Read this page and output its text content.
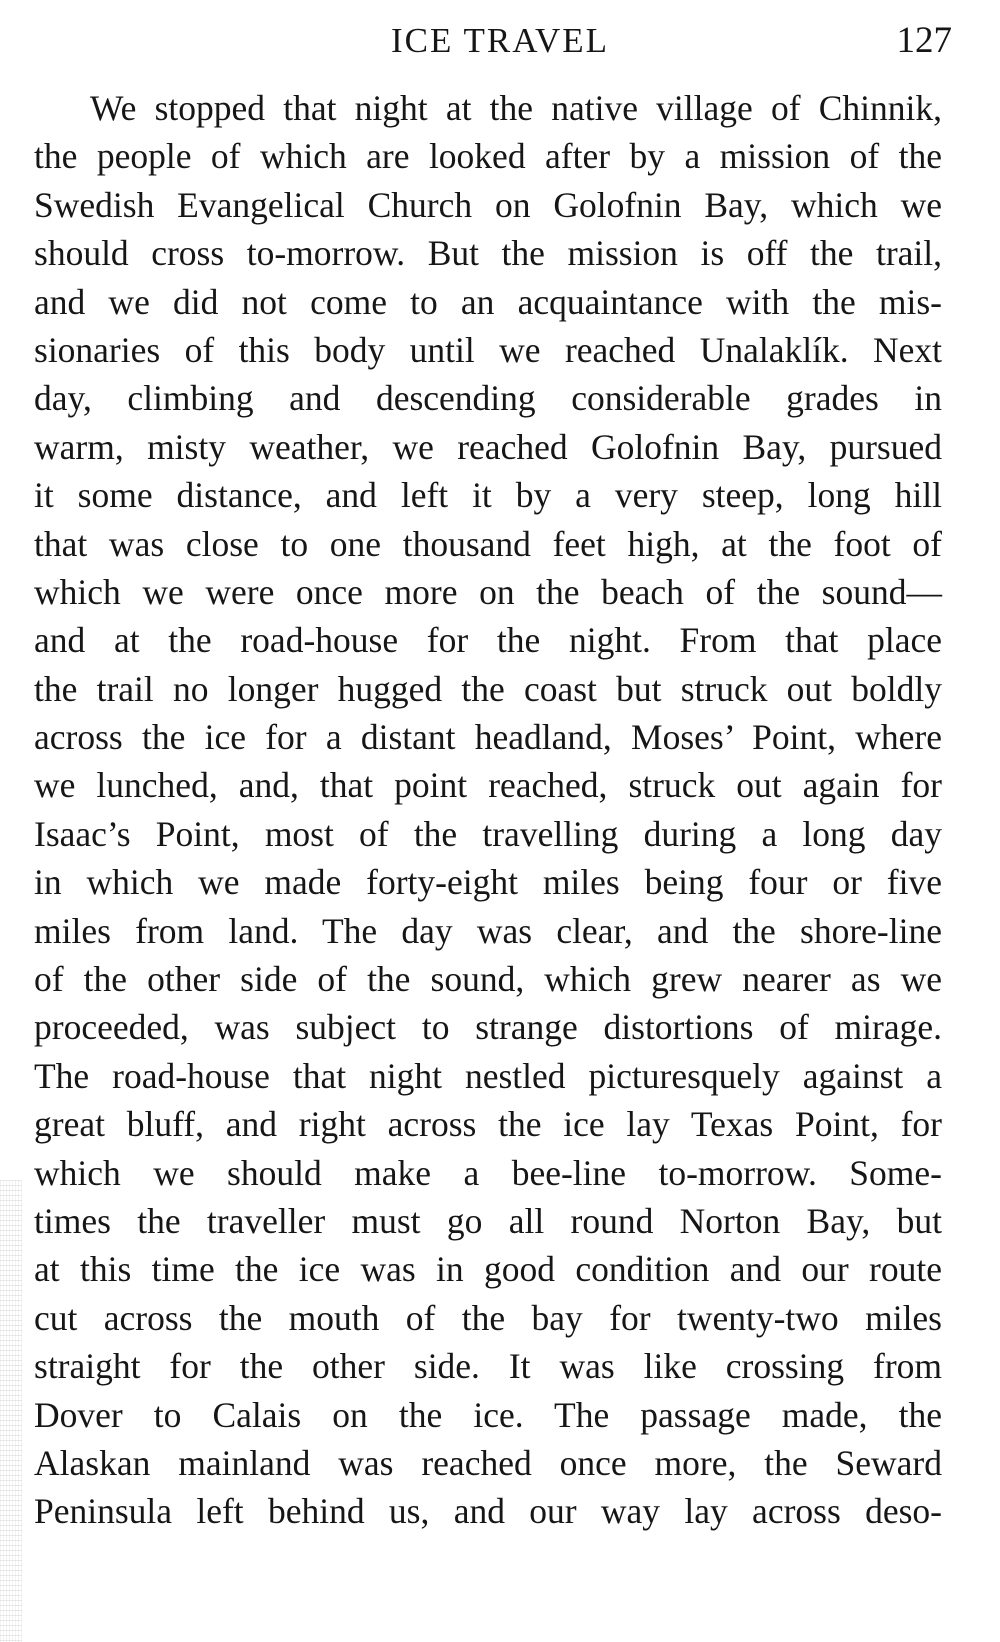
ICE TRAVEL	127
We stopped that night at the native village of Chinnik,
the people of which are looked after by a mission of the
Swedish Evangelical Church on Golofnin Bay, which we
should cross to-morrow. But the mission is off the trail,
and we did not come to an acquaintance with the mis-
sionaries of this body until we reached Unalaklík. Next
day, climbing and descending considerable grades in
warm, misty weather, we reached Golofnin Bay, pursued
it some distance, and left it by a very steep, long hill
that was close to one thousand feet high, at the foot of
which we were once more on the beach of the sound—
and at the road-house for the night. From that place
the trail no longer hugged the coast but struck out boldly
across the ice for a distant headland, Moses’ Point, where
we lunched, and, that point reached, struck out again for
Isaac’s Point, most of the travelling during a long day
in which we made forty-eight miles being four or five
miles from land. The day was clear, and the shore-line
of the other side of the sound, which grew nearer as we
proceeded, was subject to strange distortions of mirage.
The road-house that night nestled picturesquely against a
great bluff, and right across the ice lay Texas Point, for
which we should make a bee-line to-morrow. Some-
times the traveller must go all round Norton Bay, but
at this time the ice was in good condition and our route
cut across the mouth of the bay for twenty-two miles
straight for the other side. It was like crossing from
Dover to Calais on the ice. The passage made, the
Alaskan mainland was reached once more, the Seward
Peninsula left behind us, and our way lay across deso-
